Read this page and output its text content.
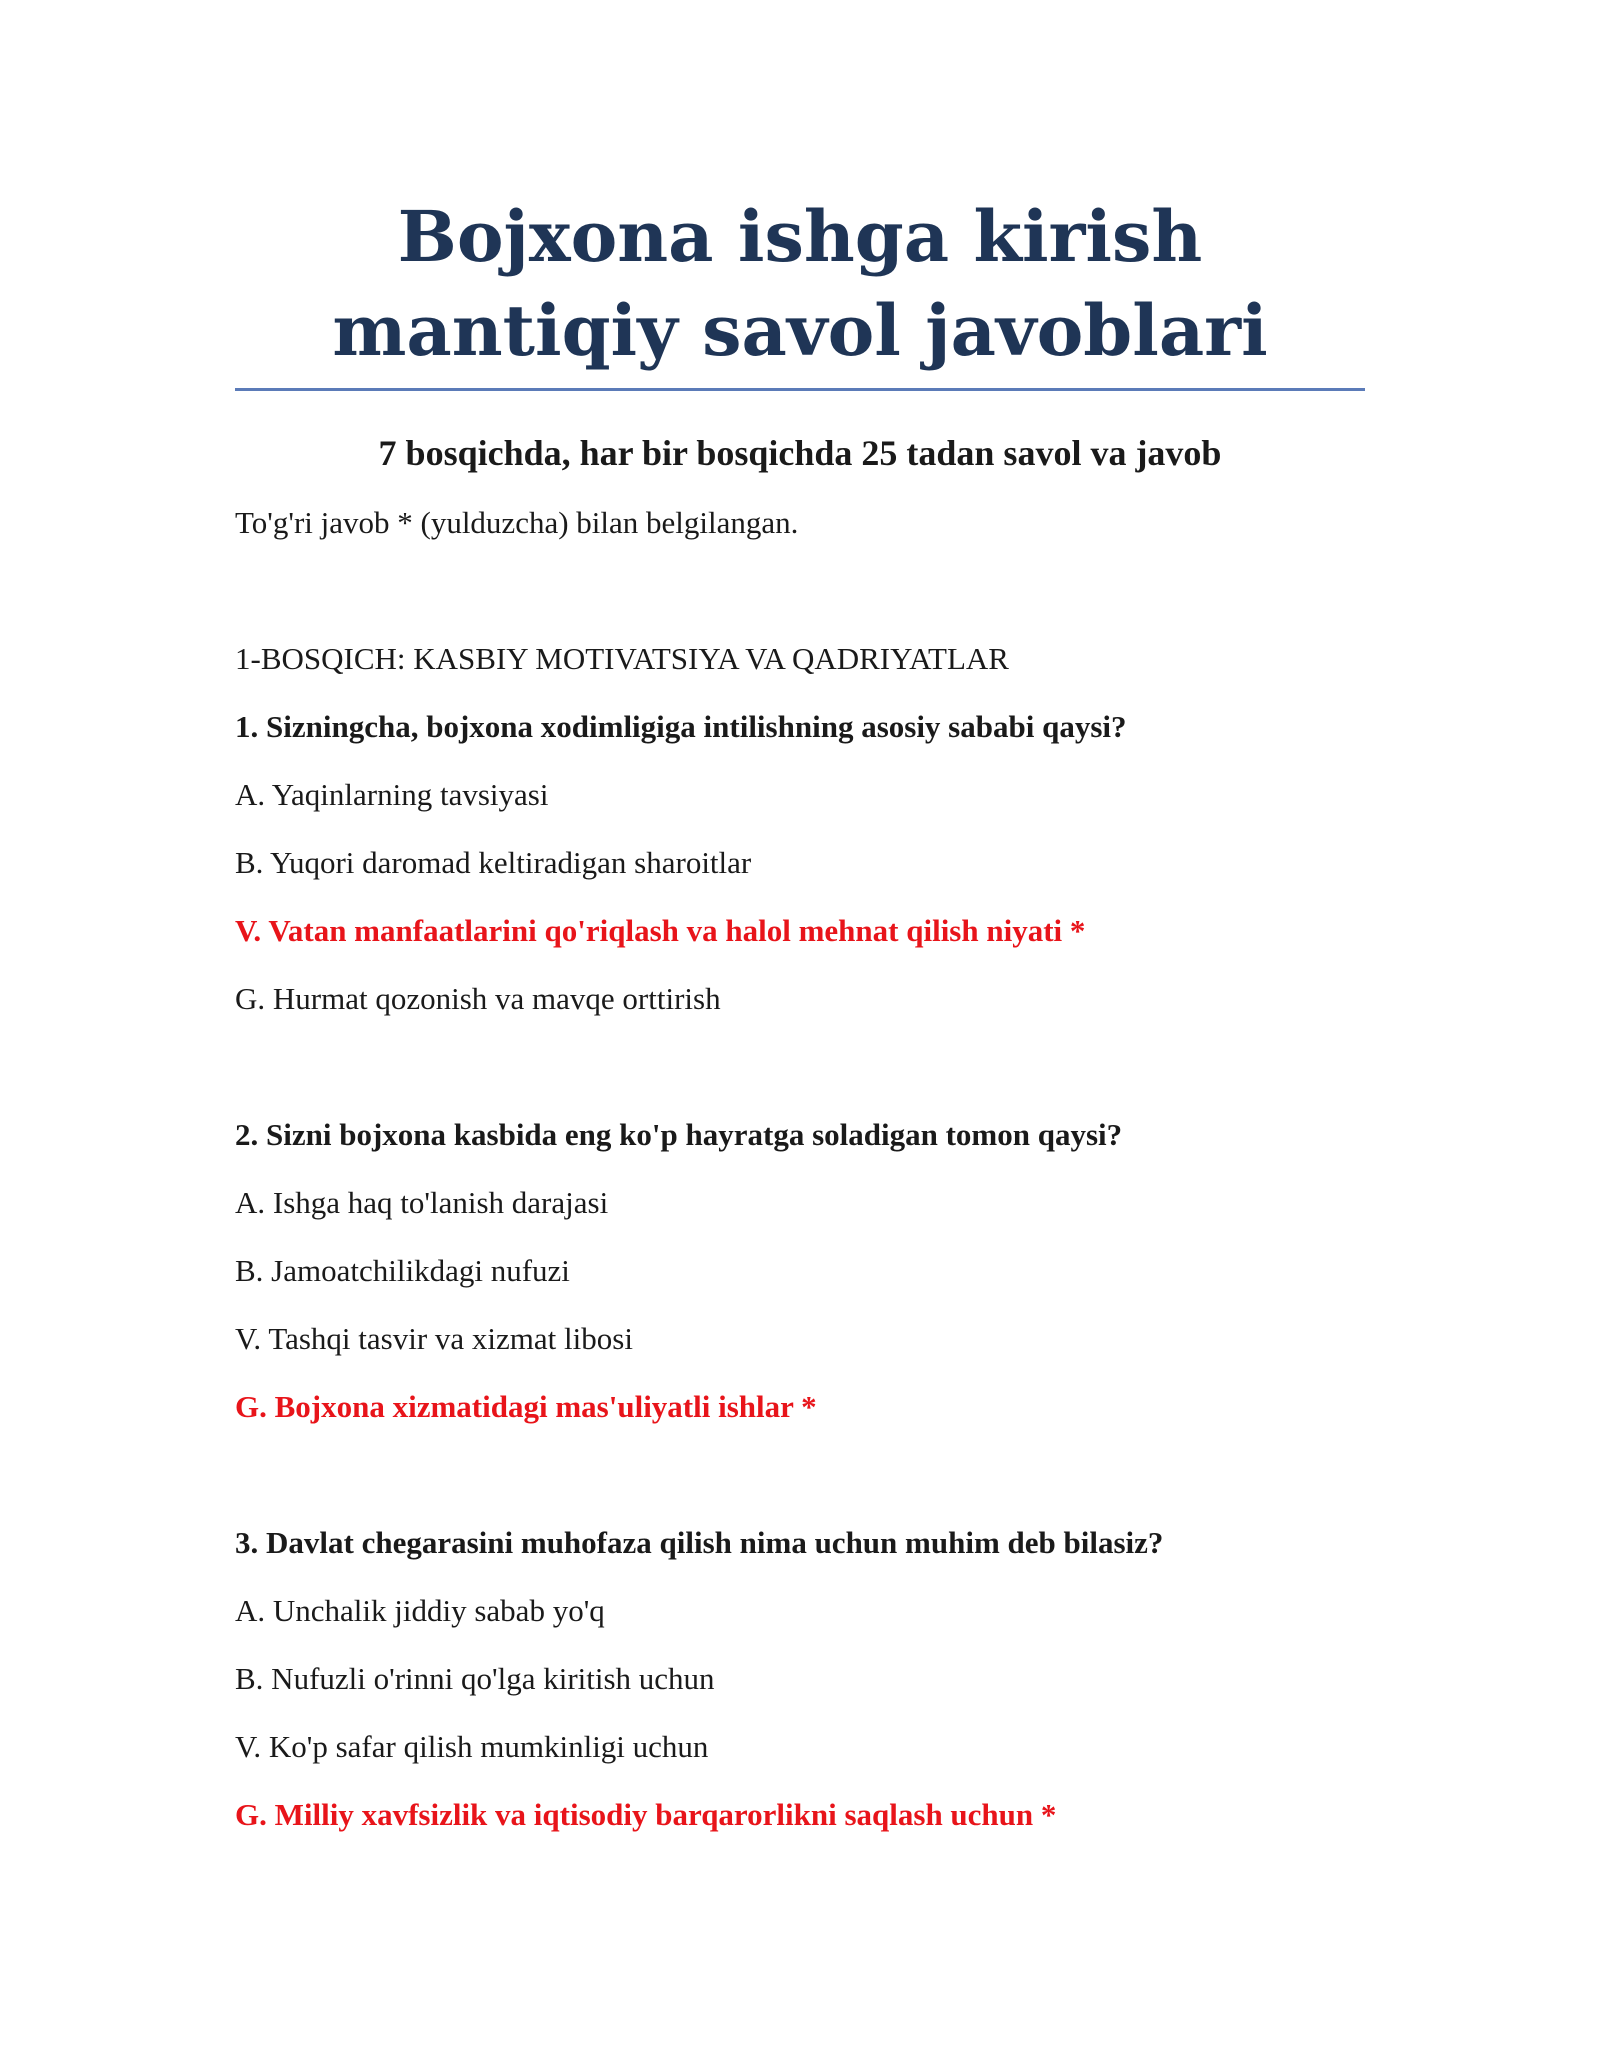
Bojxona ishga kirish mantiqiy savol javoblari

7 bosqichda, har bir bosqichda 25 tadan savol va javob

To'g'ri javob * (yulduzcha) bilan belgilangan.

1-BOSQICH: KASBIY MOTIVATSIYA VA QADRIYATLAR

1. Sizningcha, bojxona xodimligiga intilishning asosiy sababi qaysi?

A. Yaqinlarning tavsiyasi

B. Yuqori daromad keltiradigan sharoitlar

V. Vatan manfaatlarini qo'riqlash va halol mehnat qilish niyati *

G. Hurmat qozonish va mavqe orttirish

2. Sizni bojxona kasbida eng ko'p hayratga soladigan tomon qaysi?

A. Ishga haq to'lanish darajasi

B. Jamoatchilikdagi nufuzi

V. Tashqi tasvir va xizmat libosi

G. Bojxona xizmatidagi mas'uliyatli ishlar *

3. Davlat chegarasini muhofaza qilish nima uchun muhim deb bilasiz?

A. Unchalik jiddiy sabab yo'q

B. Nufuzli o'rinni qo'lga kiritish uchun

V. Ko'p safar qilish mumkinligi uchun

G. Milliy xavfsizlik va iqtisodiy barqarorlikni saqlash uchun *
